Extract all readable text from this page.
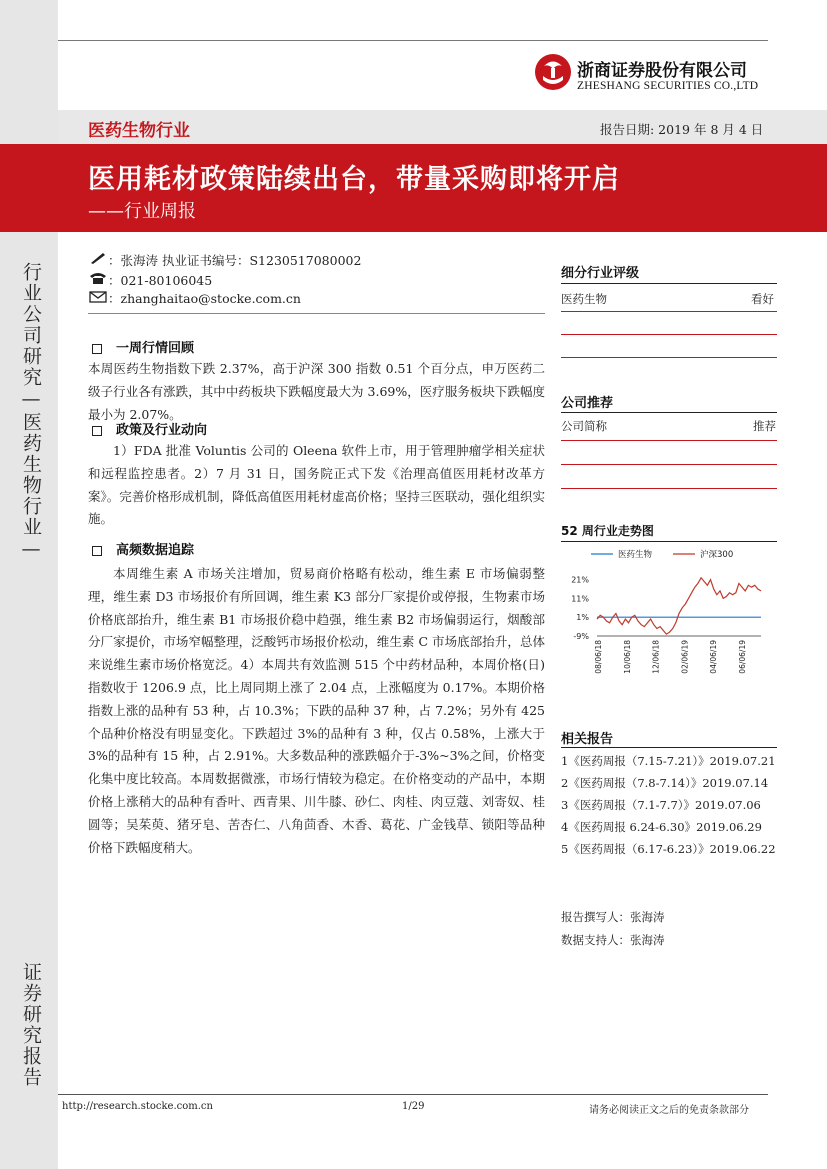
行业公司研究—医药生物行业—
证券研究报告
浙商证券股份有限公司
ZHESHANG SECURITIES CO.,LTD
医药生物行业	报告日期: 2019 年 8 月 4 日
医用耗材政策陆续出台，带量采购即将开启
——行业周报
：张海涛 执业证书编号：S1230517080002
：021-80106045
：zhanghaitao@stocke.com.cn
一周行情回顾
本周医药生物指数下跌 2.37%，高于沪深 300 指数 0.51 个百分点，申万医药二级子行业各有涨跌，其中中药板块下跌幅度最大为 3.69%，医疗服务板块下跌幅度最小为 2.07%。
政策及行业动向
1）FDA 批准 Voluntis 公司的 Oleena 软件上市，用于管理肿瘤学相关症状和远程监控患者。2）7 月 31 日，国务院正式下发《治理高值医用耗材改革方案》。完善价格形成机制，降低高值医用耗材虚高价格；坚持三医联动，强化组织实施。
高频数据追踪
本周维生素 A 市场关注增加，贸易商价格略有松动，维生素 E 市场偏弱整理，维生素 D3 市场报价有所回调，维生素 K3 部分厂家提价或停报，生物素市场价格底部抬升，维生素 B1 市场报价稳中趋强，维生素 B2 市场偏弱运行，烟酸部分厂家提价，市场窄幅整理，泛酸钙市场报价松动，维生素 C 市场底部抬升，总体来说维生素市场价格宽泛。4）本周共有效监测 515 个中药材品种，本周价格(日)指数收于 1206.9 点，比上周同期上涨了 2.04 点，上涨幅度为 0.17%。本期价格指数上涨的品种有 53 种，占 10.3%；下跌的品种 37 种，占 7.2%；另外有 425 个品种价格没有明显变化。下跌超过 3%的品种有 3 种，仅占 0.58%，上涨大于 3%的品种有 15 种，占 2.91%。大多数品种的涨跌幅介于-3%~3%之间，价格变化集中度比较高。本周数据微涨，市场行情较为稳定。在价格变动的产品中，本期价格上涨稍大的品种有香叶、西青果、川牛膝、砂仁、肉桂、肉豆蔻、刘寄奴、桂圆等；吴茱萸、猪牙皂、苦杏仁、八角茴香、木香、葛花、广金钱草、锁阳等品种价格下跌幅度稍大。
细分行业评级
医药生物	看好
公司推荐
公司简称	推荐
52 周行业走势图
医药生物	沪深300
21%
11%
1%
-9%
08/06/18	10/06/18	12/06/18	02/06/19	04/06/19	06/06/19
相关报告
1《医药周报（7.15-7.21）》2019.07.21
2《医药周报（7.8-7.14）》2019.07.14
3《医药周报（7.1-7.7）》2019.07.06
4《医药周报 6.24-6.30》2019.06.29
5《医药周报（6.17-6.23）》2019.06.22
报告撰写人：张海涛
数据支持人：张海涛
http://research.stocke.com.cn	1/29	请务必阅读正文之后的免责条款部分
